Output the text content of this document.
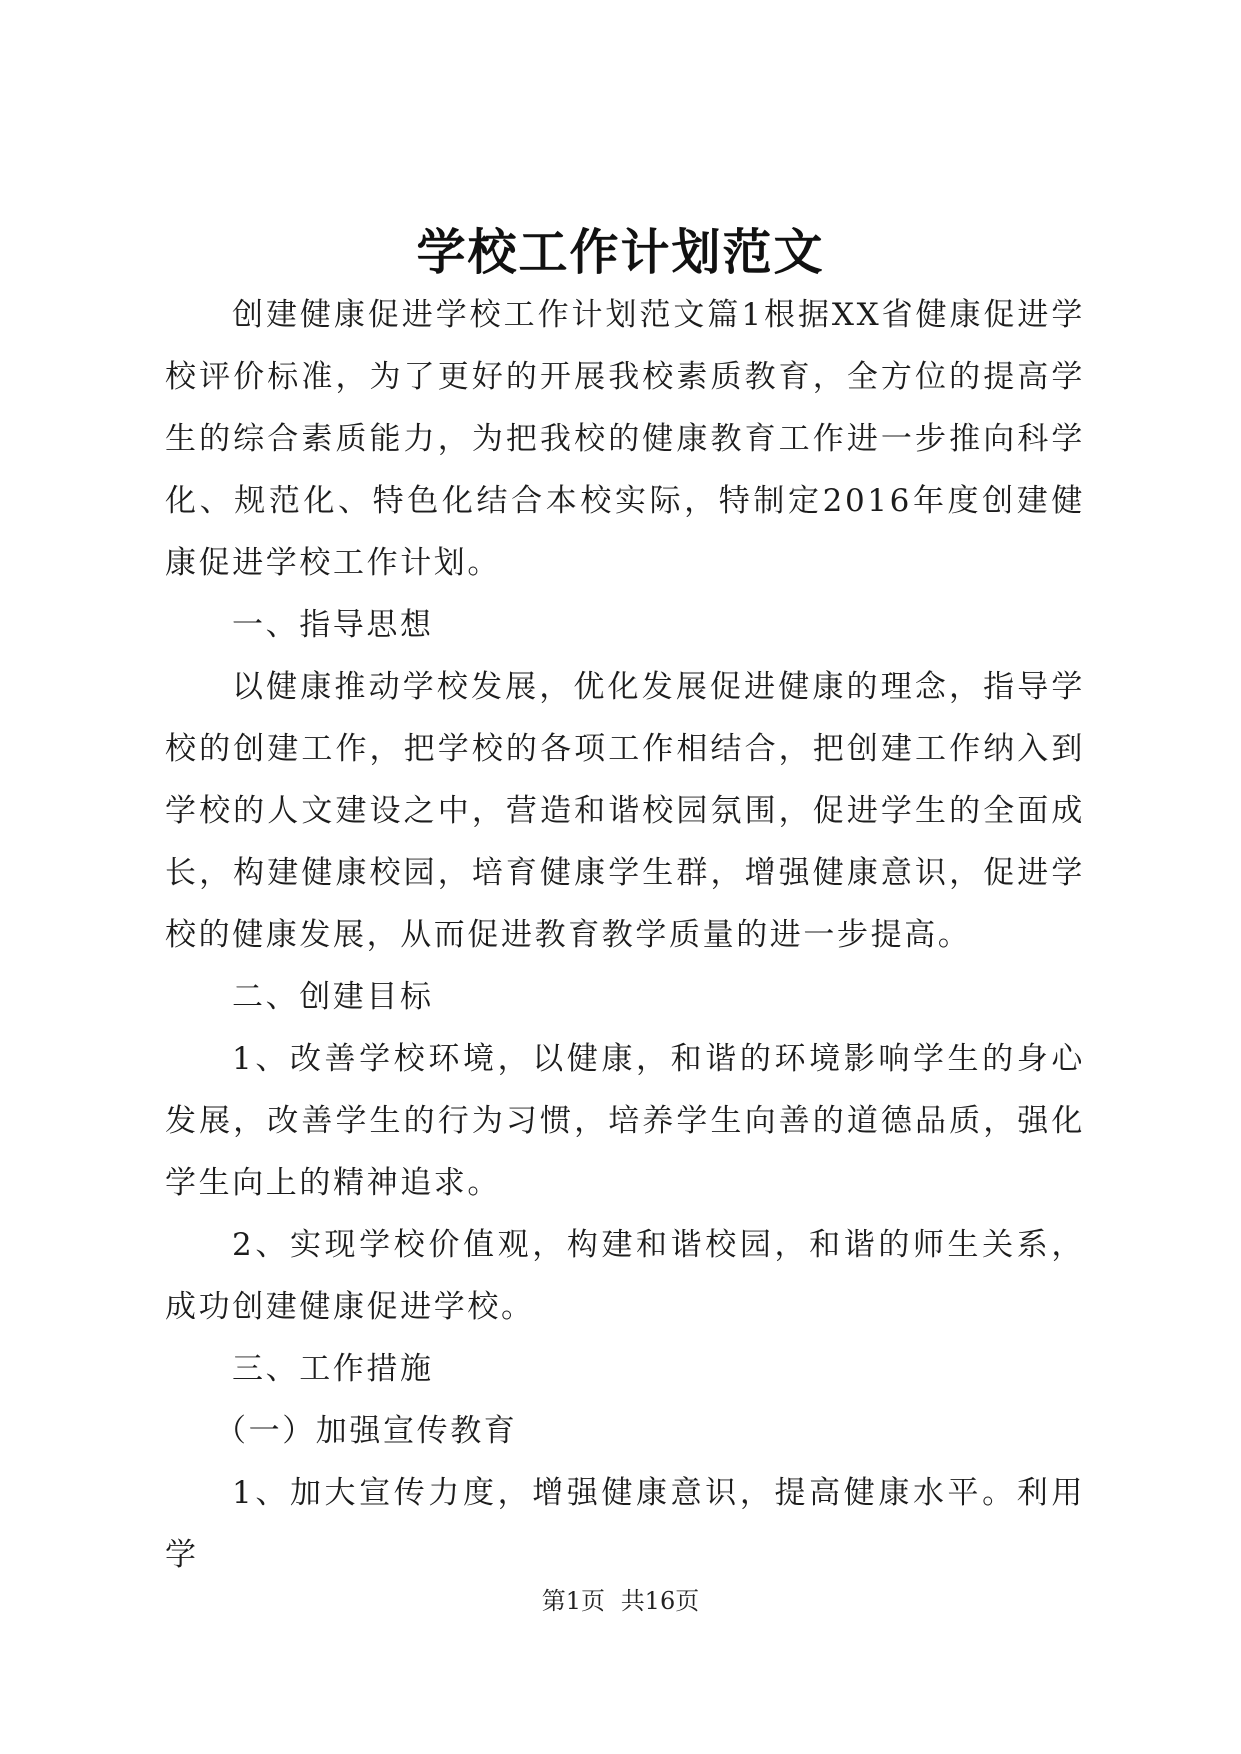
学校工作计划范文

创建健康促进学校工作计划范文篇1根据XX省健康促进学校评价标准，为了更好的开展我校素质教育，全方位的提高学生的综合素质能力，为把我校的健康教育工作进一步推向科学化、规范化、特色化结合本校实际，特制定2016年度创建健康促进学校工作计划。

一、指导思想

以健康推动学校发展，优化发展促进健康的理念，指导学校的创建工作，把学校的各项工作相结合，把创建工作纳入到学校的人文建设之中，营造和谐校园氛围，促进学生的全面成长，构建健康校园，培育健康学生群，增强健康意识，促进学校的健康发展，从而促进教育教学质量的进一步提高。

二、创建目标

1、改善学校环境，以健康，和谐的环境影响学生的身心发展，改善学生的行为习惯，培养学生向善的道德品质，强化学生向上的精神追求。

2、实现学校价值观，构建和谐校园，和谐的师生关系，成功创建健康促进学校。

三、工作措施

（一）加强宣传教育

1、加大宣传力度，增强健康意识，提高健康水平。利用学

第1页 共16页
